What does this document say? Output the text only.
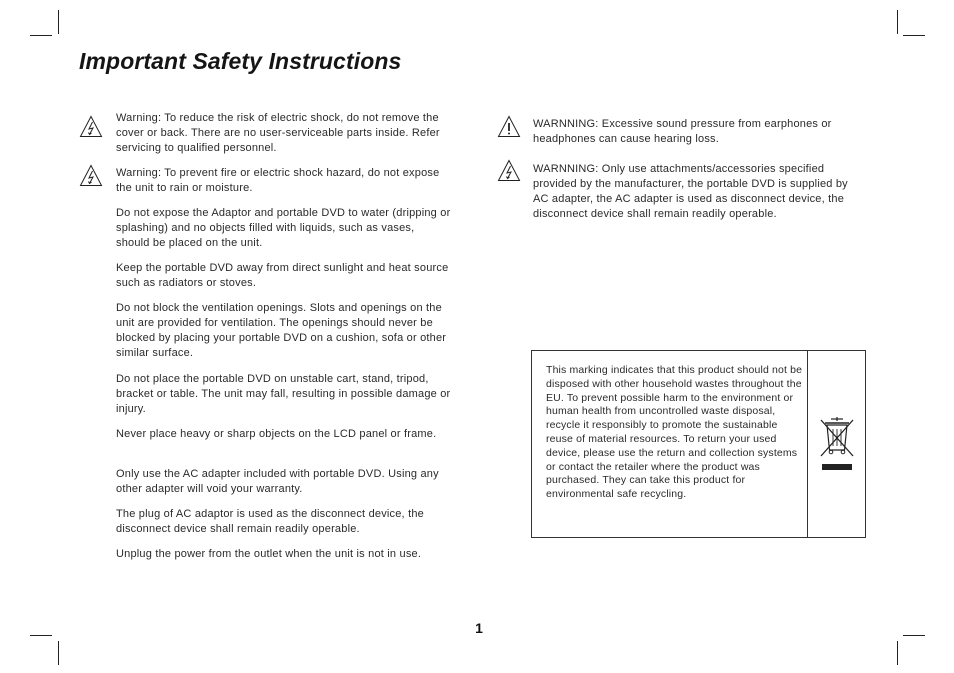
Important Safety Instructions

Warning: To reduce the risk of electric shock, do not remove the cover or back. There are no user-serviceable parts inside. Refer servicing to qualified personnel.

Warning: To prevent fire or electric shock hazard, do not expose the unit to rain or moisture.

Do not expose the Adaptor and portable DVD to water (dripping or splashing) and no objects filled with liquids, such as vases, should be placed on the unit.

Keep the portable DVD away from direct sunlight and heat source such as radiators or stoves.

Do not block the ventilation openings. Slots and openings on the unit are provided for ventilation. The openings should never be blocked by placing your portable DVD on a cushion, sofa or other similar surface.

Do not place the portable DVD on unstable cart, stand, tripod, bracket or table. The unit may fall, resulting in possible damage or injury.

Never place heavy or sharp objects on the LCD panel or frame.

Only use the AC adapter included with portable DVD. Using any other adapter will void your warranty.

The plug of AC adaptor is used as the disconnect device, the disconnect device shall remain readily operable.

Unplug the power from the outlet when the unit is not in use.

WARNNING: Excessive sound pressure from earphones or headphones can cause hearing loss.

WARNNING: Only use attachments/accessories specified provided by the manufacturer, the portable DVD is supplied by AC adapter, the AC adapter is used as disconnect device, the disconnect device shall remain readily operable.

This marking indicates that this product should not be disposed with other household wastes throughout the EU. To prevent possible harm to the environment or human health from uncontrolled waste disposal, recycle it responsibly to promote the sustainable reuse of material resources. To return your used device, please use the return and collection systems or contact the retailer where the product was purchased. They can take this product for environmental safe recycling.

1
